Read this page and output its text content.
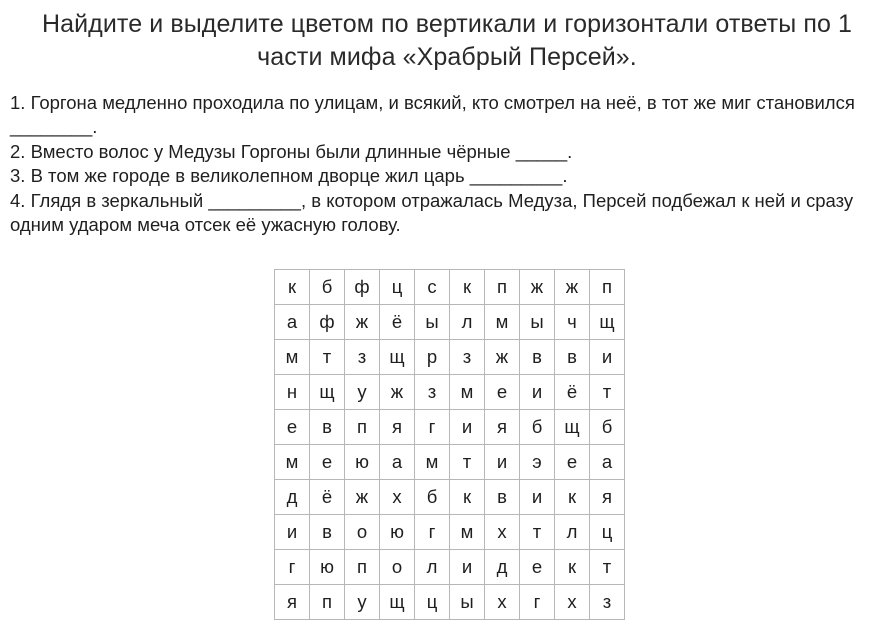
Найдите и выделите цветом по вертикали и горизонтали ответы по 1 части мифа «Храбрый Персей».
1. Горгона медленно проходила по улицам, и всякий, кто смотрел на неё, в тот же миг становился ________.
2. Вместо волос у Медузы Горгоны были длинные чёрные _____.
3. В том же городе в великолепном дворце жил царь _________.
4. Глядя в зеркальный _________, в котором отражалась Медуза, Персей подбежал к ней и сразу одним ударом меча отсек её ужасную голову.
к	б	ф	ц	с	к	п	ж	ж	п
а	ф	ж	ё	ы	л	м	ы	ч	щ
м	т	з	щ	р	з	ж	в	в	и
н	щ	у	ж	з	м	е	и	ё	т
е	в	п	я	г	и	я	б	щ	б
м	е	ю	а	м	т	и	э	е	а
д	ё	ж	х	б	к	в	и	к	я
и	в	о	ю	г	м	х	т	л	ц
г	ю	п	о	л	и	д	е	к	т
я	п	у	щ	ц	ы	х	г	х	з
